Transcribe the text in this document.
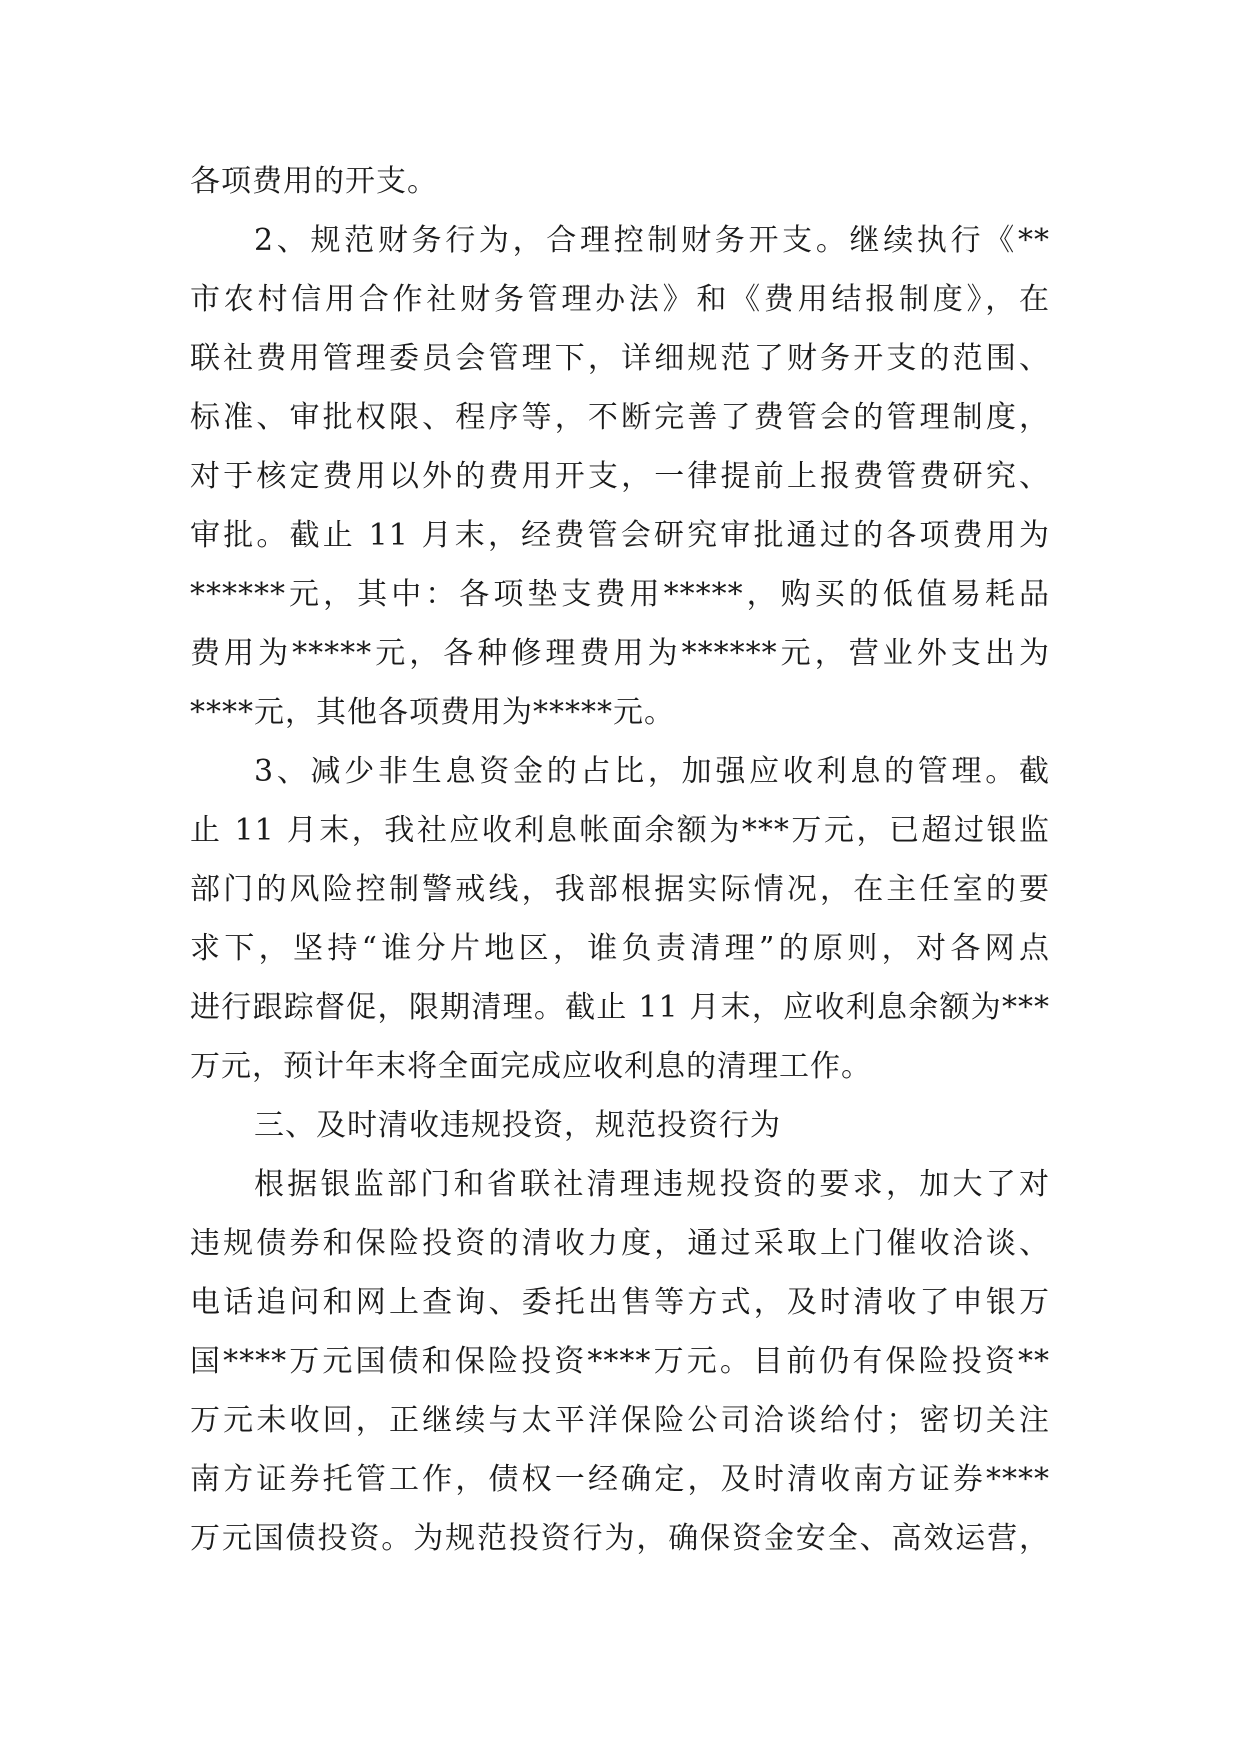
各项费用的开支。
2、规范财务行为，合理控制财务开支。继续执行《**
市农村信用合作社财务管理办法》和《费用结报制度》，在
联社费用管理委员会管理下，详细规范了财务开支的范围、
标准、审批权限、程序等，不断完善了费管会的管理制度，
对于核定费用以外的费用开支，一律提前上报费管费研究、
审批。截止 11 月末，经费管会研究审批通过的各项费用为
******元，其中：各项垫支费用*****，购买的低值易耗品
费用为*****元，各种修理费用为******元，营业外支出为
****元，其他各项费用为*****元。
3、减少非生息资金的占比，加强应收利息的管理。截
止 11 月末，我社应收利息帐面余额为***万元，已超过银监
部门的风险控制警戒线，我部根据实际情况，在主任室的要
求下，坚持“谁分片地区，谁负责清理”的原则，对各网点
进行跟踪督促，限期清理。截止 11 月末，应收利息余额为***
万元，预计年末将全面完成应收利息的清理工作。
三、及时清收违规投资，规范投资行为
根据银监部门和省联社清理违规投资的要求，加大了对
违规债券和保险投资的清收力度，通过采取上门催收洽谈、
电话追问和网上查询、委托出售等方式，及时清收了申银万
国****万元国债和保险投资****万元。目前仍有保险投资**
万元未收回，正继续与太平洋保险公司洽谈给付；密切关注
南方证券托管工作，债权一经确定，及时清收南方证券****
万元国债投资。为规范投资行为，确保资金安全、高效运营，
